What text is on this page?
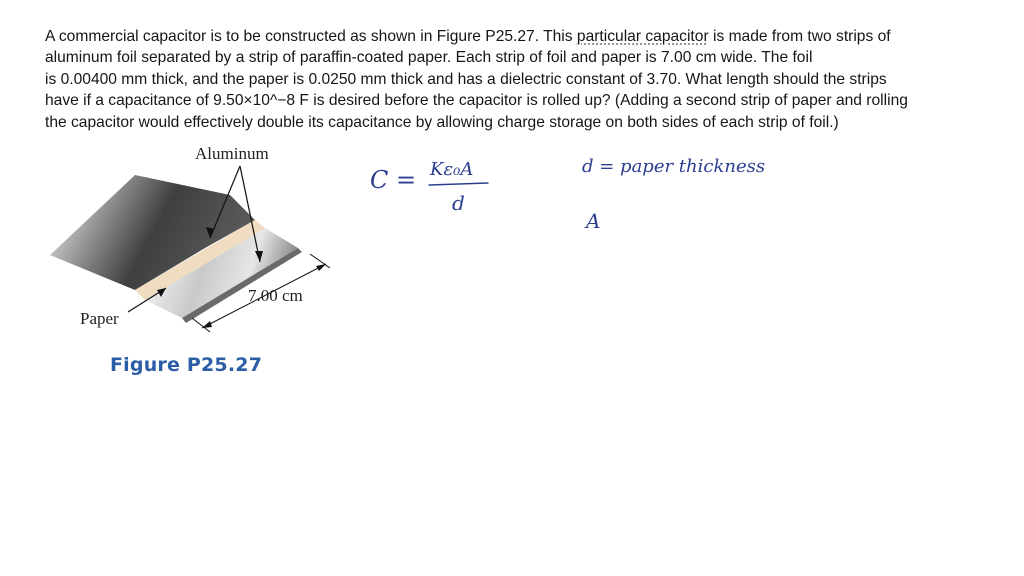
A commercial capacitor is to be constructed as shown in Figure P25.27. This particular capacitor is made from two strips of
aluminum foil separated by a strip of paraffin-coated paper. Each strip of foil and paper is 7.00 cm wide. The foil
is 0.00400 mm thick, and the paper is 0.0250 mm thick and has a dielectric constant of 3.70. What length should the strips
have if a capacitance of 9.50×10^−8 F is desired before the capacitor is rolled up? (Adding a second strip of paper and rolling
the capacitor would effectively double its capacitance by allowing charge storage on both sides of each strip of foil.)
Aluminum
Paper
7.00 cm
Figure P25.27
C = Kε₀A
d
d = paper thickness
A
